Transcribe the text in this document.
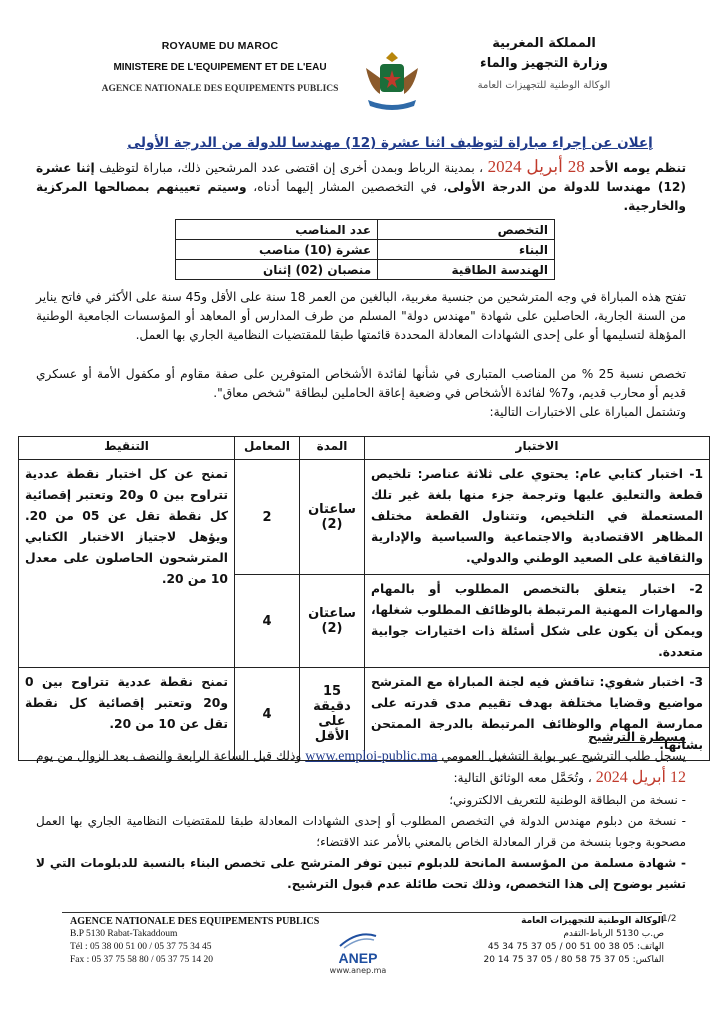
ROYAUME DU MAROC
MINISTERE DE L'EQUIPEMENT ET DE L'EAU
AGENCE NATIONALE DES EQUIPEMENTS PUBLICS
المملكة المغربية
وزارة التجهيز والماء
الوكالة الوطنية للتجهيزات العامة
إعلان عن إجراء مباراة لتوظيف اثنا عشرة (12) مهندسا للدولة من الدرجة الأولى
تنظم يومه الأحد 28 أبريل 2024 ، بمدينة الرباط وبمدن أخرى إن اقتضى عدد المرشحين ذلك، مباراة لتوظيف إثنا عشرة (12) مهندسا للدولة من الدرجة الأولى، في التخصصين المشار إليهما أدناه، وسيتم تعيينهم بمصالحها المركزية والخارجية.
التخصص	عدد المناصب
البناء	عشرة (10) مناصب
الهندسة الطاقية	منصبان (02) إثنان
تفتح هذه المباراة في وجه المترشحين من جنسية مغربية، البالغين من العمر 18 سنة على الأقل و45 سنة على الأكثر في فاتح يناير من السنة الجارية، الحاصلين على شهادة "مهندس دولة" المسلم من طرف المدارس أو المعاهد أو المؤسسات الجامعية الوطنية المؤهلة لتسليمها أو على إحدى الشهادات المعادلة المحددة قائمتها طبقا للمقتضيات النظامية الجاري بها العمل.
تخصص نسبة 25 % من المناصب المتبارى في شأنها لفائدة الأشخاص المتوفرين على صفة مقاوم أو مكفول الأمة أو عسكري قديم أو محارب قديم، و7% لفائدة الأشخاص في وضعية إعاقة الحاملين لبطاقة "شخص معاق".
وتشتمل المباراة على الاختبارات التالية:
الاختبار	المدة	المعامل	التنقيط
1- اختبار كتابي عام: يحتوي على ثلاثة عناصر: تلخيص قطعة والتعليق عليها وترجمة جزء منها بلغة غير تلك المستعملة في التلخيص، وتتناول القطعة مختلف المظاهر الاقتصادية والاجتماعية والسياسية والإدارية والثقافية على الصعيد الوطني والدولي.	ساعتان (2)	2	تمنح عن كل اختبار نقطة عددية تتراوح بين 0 و20 وتعتبر إقصائية كل نقطة تقل عن 05 من 20. ويؤهل لاجتياز الاختبار الكتابي المترشحون الحاصلون على معدل 10 من 20.
2- اختبار يتعلق بالتخصص المطلوب أو بالمهام والمهارات المهنية المرتبطة بالوظائف المطلوب شغلها، ويمكن أن يكون على شكل أسئلة ذات اختيارات جوابية متعددة.	ساعتان (2)	4	
3- اختبار شفوي: تناقش فيه لجنة المباراة مع المترشح مواضيع وقضايا مختلفة بهدف تقييم مدى قدرته على ممارسة المهام والوظائف المرتبطة بالدرجة الممتحن بشأنها.	15 دقيقة على الأقل	4	تمنح نقطة عددية تتراوح بين 0 و20 وتعتبر إقصائية كل نقطة تقل عن 10 من 20.
مسطرة الترشيح
يسجل طلب الترشيح عبر بوابة التشغيل العمومي www.emploi-public.ma وذلك قبل الساعة الرابعة والنصف بعد الزوال من يوم 12 أبريل 2024 ، وتُحَمَّل معه الوثائق التالية:
- نسخة من البطاقة الوطنية للتعريف الالكتروني؛
- نسخة من دبلوم مهندس الدولة في التخصص المطلوب أو إحدى الشهادات المعادلة طبقا للمقتضيات النظامية الجاري بها العمل مصحوبة وجوبا بنسخة من قرار المعادلة الخاص بالمعني بالأمر عند الاقتضاء؛
- شهادة مسلمة من المؤسسة المانحة للدبلوم تبين توفر المترشح على تخصص البناء بالنسبة للدبلومات التي لا تشير بوضوح إلى هذا التخصص، وذلك تحت طائلة عدم قبول الترشيح.
AGENCE NATIONALE DES EQUIPEMENTS PUBLICS
B.P 5130 Rabat-Takaddoum
Tél : 05 38 00 51 00 / 05 37 75 34 45
Fax : 05 37 75 58 80 / 05 37 75 14 20	ANEP
www.anep.ma
الوكالة الوطنية للتجهيزات العامة
ص.ب 5130 الرباط-التقدم
الهاتف: 05 38 00 51 00 / 05 37 75 34 45
الفاكس: 05 37 75 58 80 / 05 37 75 14 20
1/2
